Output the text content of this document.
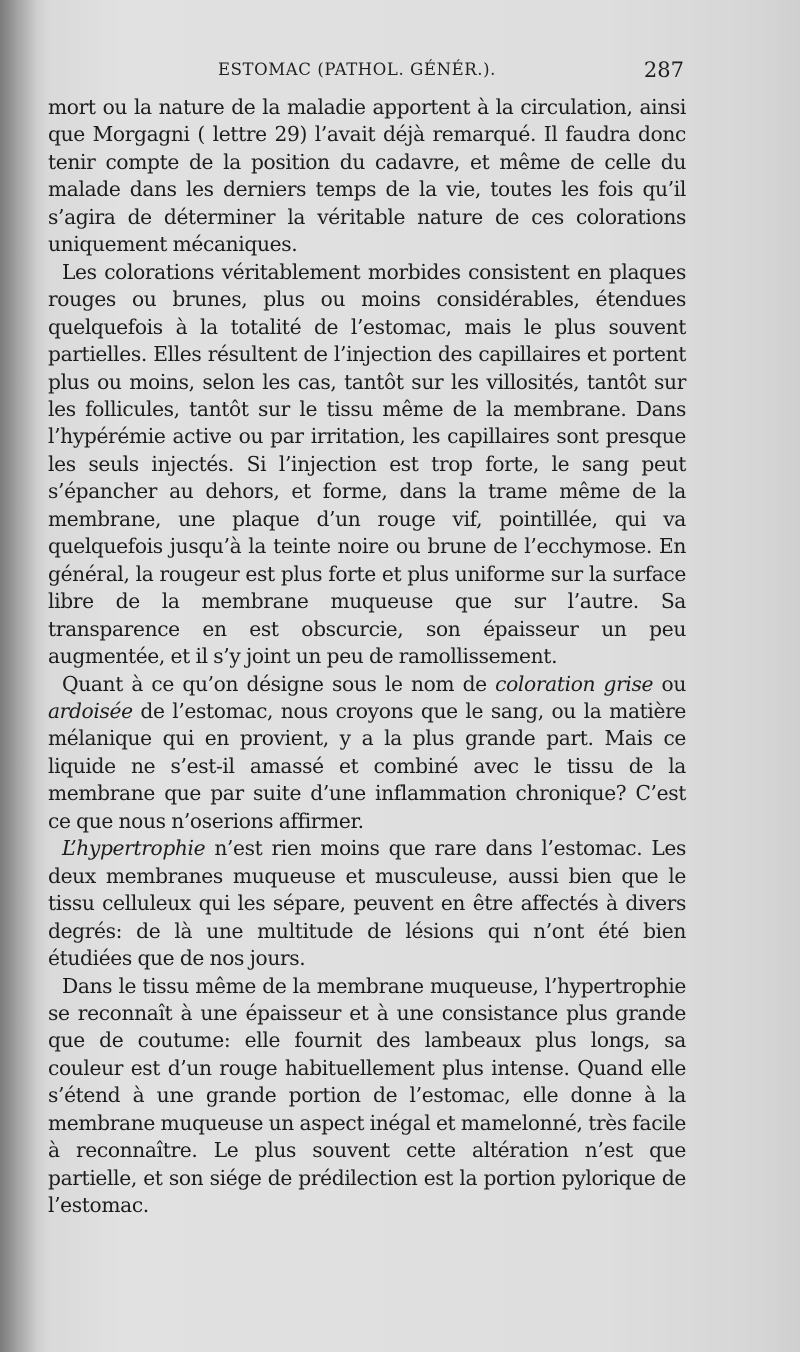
ESTOMAC (PATHOL. GÉNÉR.).	287

mort ou la nature de la maladie apportent à la circulation, ainsi que Morgagni ( lettre 29) l’avait déjà remarqué. Il faudra donc tenir compte de la position du cadavre, et même de celle du malade dans les derniers temps de la vie, toutes les fois qu’il s’agira de déterminer la véritable nature de ces colorations uniquement mécaniques.

Les colorations véritablement morbides consistent en plaques rouges ou brunes, plus ou moins considérables, étendues quelquefois à la totalité de l’estomac, mais le plus souvent partielles. Elles résultent de l’injection des capillaires et portent plus ou moins, selon les cas, tantôt sur les villosités, tantôt sur les follicules, tantôt sur le tissu même de la membrane. Dans l’hypérémie active ou par irritation, les capillaires sont presque les seuls injectés. Si l’injection est trop forte, le sang peut s’épancher au dehors, et forme, dans la trame même de la membrane, une plaque d’un rouge vif, pointillée, qui va quelquefois jusqu’à la teinte noire ou brune de l’ecchymose. En général, la rougeur est plus forte et plus uniforme sur la surface libre de la membrane muqueuse que sur l’autre. Sa transparence en est obscurcie, son épaisseur un peu augmentée, et il s’y joint un peu de ramollissement.

Quant à ce qu’on désigne sous le nom de coloration grise ou ardoisée de l’estomac, nous croyons que le sang, ou la matière mélanique qui en provient, y a la plus grande part. Mais ce liquide ne s’est-il amassé et combiné avec le tissu de la membrane que par suite d’une inflammation chronique? C’est ce que nous n’oserions affirmer.

L’hypertrophie n’est rien moins que rare dans l’estomac. Les deux membranes muqueuse et musculeuse, aussi bien que le tissu celluleux qui les sépare, peuvent en être affectés à divers degrés: de là une multitude de lésions qui n’ont été bien étudiées que de nos jours.

Dans le tissu même de la membrane muqueuse, l’hypertrophie se reconnaît à une épaisseur et à une consistance plus grande que de coutume: elle fournit des lambeaux plus longs, sa couleur est d’un rouge habituellement plus intense. Quand elle s’étend à une grande portion de l’estomac, elle donne à la membrane muqueuse un aspect inégal et mamelonné, très facile à reconnaître. Le plus souvent cette altération n’est que partielle, et son siége de prédilection est la portion pylorique de l’estomac.
